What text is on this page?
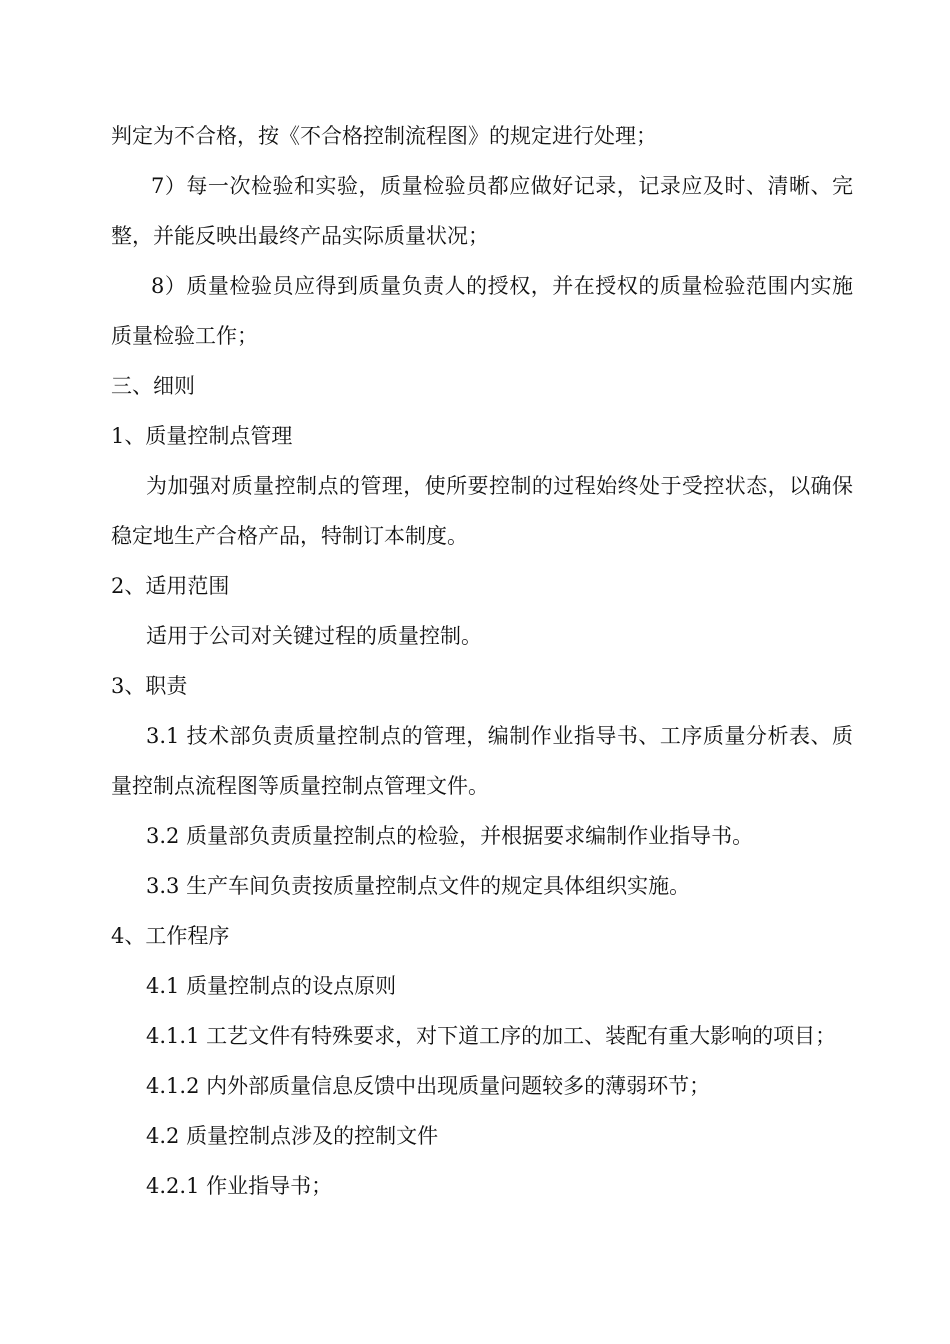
判定为不合格，按《不合格控制流程图》的规定进行处理；

7）每一次检验和实验，质量检验员都应做好记录，记录应及时、清晰、完整，并能反映出最终产品实际质量状况；

8）质量检验员应得到质量负责人的授权，并在授权的质量检验范围内实施质量检验工作；

三、细则

1、质量控制点管理

为加强对质量控制点的管理，使所要控制的过程始终处于受控状态，以确保稳定地生产合格产品，特制订本制度。

2、适用范围

适用于公司对关键过程的质量控制。

3、职责

3.1 技术部负责质量控制点的管理，编制作业指导书、工序质量分析表、质量控制点流程图等质量控制点管理文件。

3.2 质量部负责质量控制点的检验，并根据要求编制作业指导书。

3.3 生产车间负责按质量控制点文件的规定具体组织实施。

4、工作程序

4.1 质量控制点的设点原则

4.1.1 工艺文件有特殊要求，对下道工序的加工、装配有重大影响的项目；

4.1.2 内外部质量信息反馈中出现质量问题较多的薄弱环节；

4.2 质量控制点涉及的控制文件

4.2.1 作业指导书；
